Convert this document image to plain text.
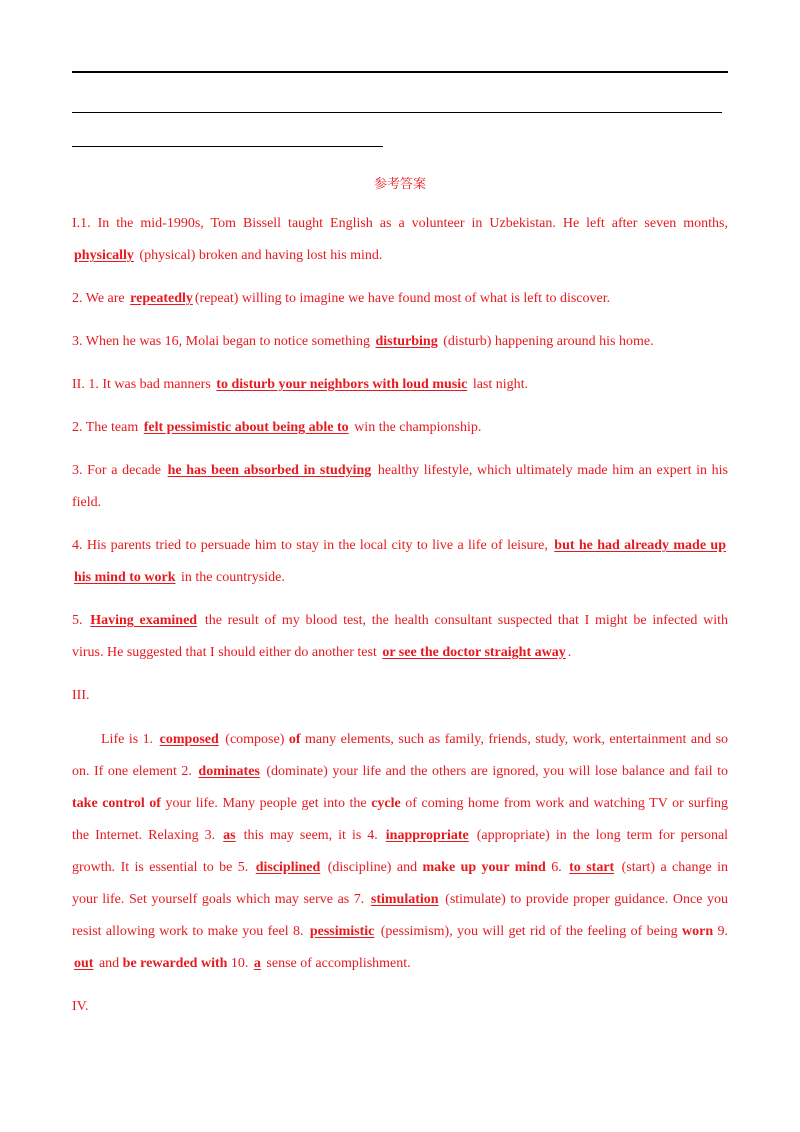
参考答案

I.1. In the mid-1990s, Tom Bissell taught English as a volunteer in Uzbekistan. He left after seven months,

physically (physical) broken and having lost his mind.

2. We are repeatedly (repeat) willing to imagine we have found most of what is left to discover.

3. When he was 16, Molai began to notice something disturbing (disturb) happening around his home.

II. 1. It was bad manners to disturb your neighbors with loud music last night.

2. The team felt pessimistic about being able to win the championship.

3. For a decade he has been absorbed in studying healthy lifestyle, which ultimately made him an expert in his

field.

4. His parents tried to persuade him to stay in the local city to live a life of leisure, but he had already made up

his mind to work in the countryside.

5. Having examined the result of my blood test, the health consultant suspected that I might be infected with

virus. He suggested that I should either do another test or see the doctor straight away .

III.

Life is 1. composed (compose) of many elements, such as family, friends, study, work, entertainment and so

on. If one element 2. dominates (dominate) your life and the others are ignored, you will lose balance and fail to

take control of your life. Many people get into the cycle of coming home from work and watching TV or surfing

the Internet. Relaxing 3. as this may seem, it is 4. inappropriate (appropriate) in the long term for personal

growth. It is essential to be 5. disciplined (discipline) and make up your mind 6. to start (start) a change in

your life. Set yourself goals which may serve as 7. stimulation (stimulate) to provide proper guidance. Once you

resist allowing work to make you feel 8. pessimistic (pessimism), you will get rid of the feeling of being worn 9.

out and be rewarded with 10. a sense of accomplishment.

IV.
